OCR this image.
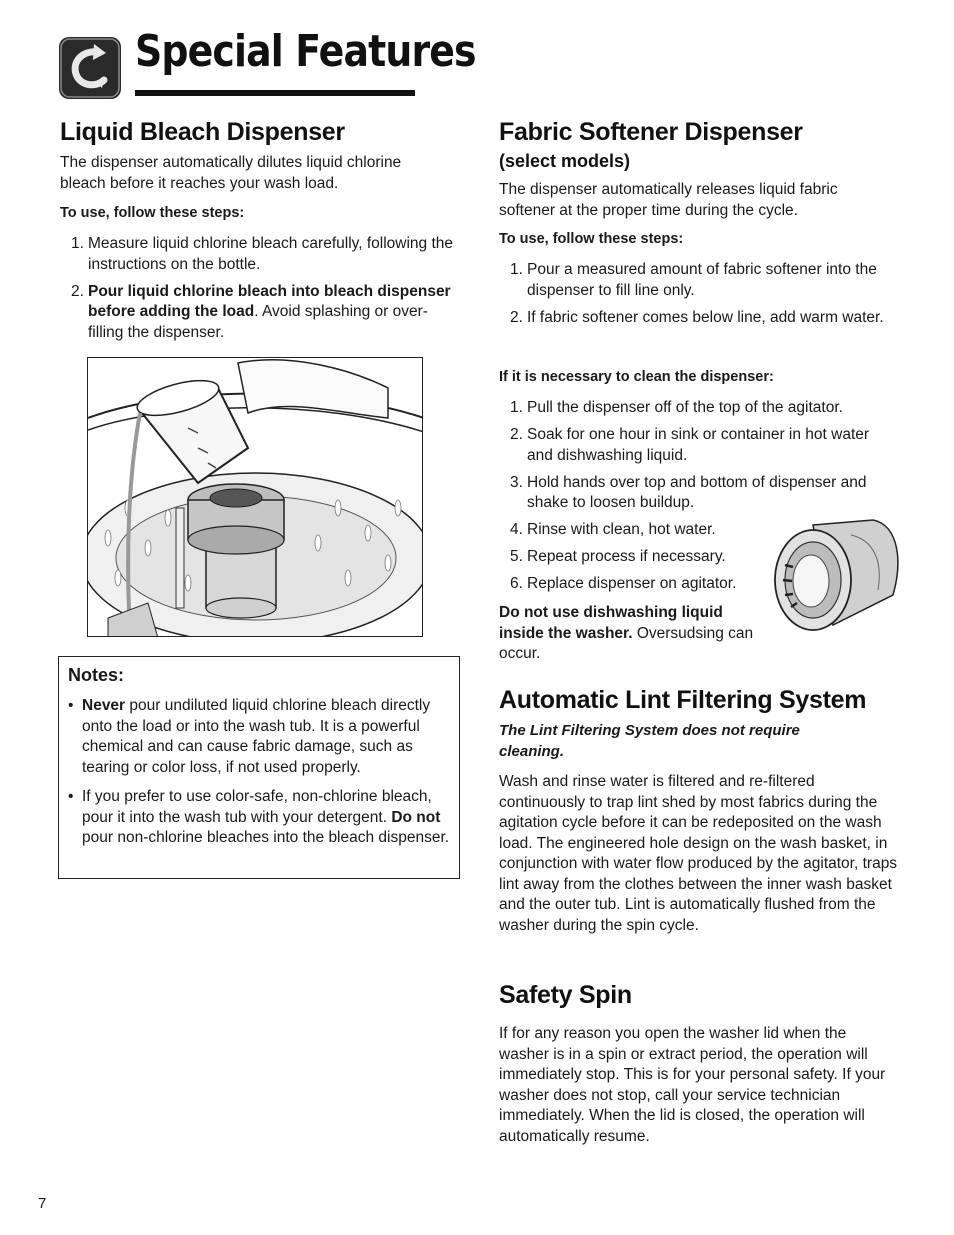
Special Features
Liquid Bleach Dispenser

The dispenser automatically dilutes liquid chlorine bleach before it reaches your wash load.

To use, follow these steps:
1. Measure liquid chlorine bleach carefully, following the instructions on the bottle.
2. Pour liquid chlorine bleach into bleach dispenser before adding the load. Avoid splashing or over-filling the dispenser.
Notes:
• Never pour undiluted liquid chlorine bleach directly onto the load or into the wash tub. It is a powerful chemical and can cause fabric damage, such as tearing or color loss, if not used properly.
• If you prefer to use color-safe, non-chlorine bleach, pour it into the wash tub with your detergent. Do not pour non-chlorine bleaches into the bleach dispenser.
Fabric Softener Dispenser
(select models)

The dispenser automatically releases liquid fabric softener at the proper time during the cycle.

To use, follow these steps:
1. Pour a measured amount of fabric softener into the dispenser to fill line only.
2. If fabric softener comes below line, add warm water.
If it is necessary to clean the dispenser:
1. Pull the dispenser off of the top of the agitator.
2. Soak for one hour in sink or container in hot water and dishwashing liquid.
3. Hold hands over top and bottom of dispenser and shake to loosen buildup.
4. Rinse with clean, hot water.
5. Repeat process if necessary.
6. Replace dispenser on agitator.

Do not use dishwashing liquid inside the washer. Oversudsing can occur.

Automatic Lint Filtering System

The Lint Filtering System does not require cleaning.

Wash and rinse water is filtered and re-filtered continuously to trap lint shed by most fabrics during the agitation cycle before it can be redeposited on the wash load. The engineered hole design on the wash basket, in conjunction with water flow produced by the agitator, traps lint away from the clothes between the inner wash basket and the outer tub. Lint is automatically flushed from the washer during the spin cycle.

Safety Spin

If for any reason you open the washer lid when the washer is in a spin or extract period, the operation will immediately stop. This is for your personal safety. If your washer does not stop, call your service technician immediately. When the lid is closed, the operation will automatically resume.

7
